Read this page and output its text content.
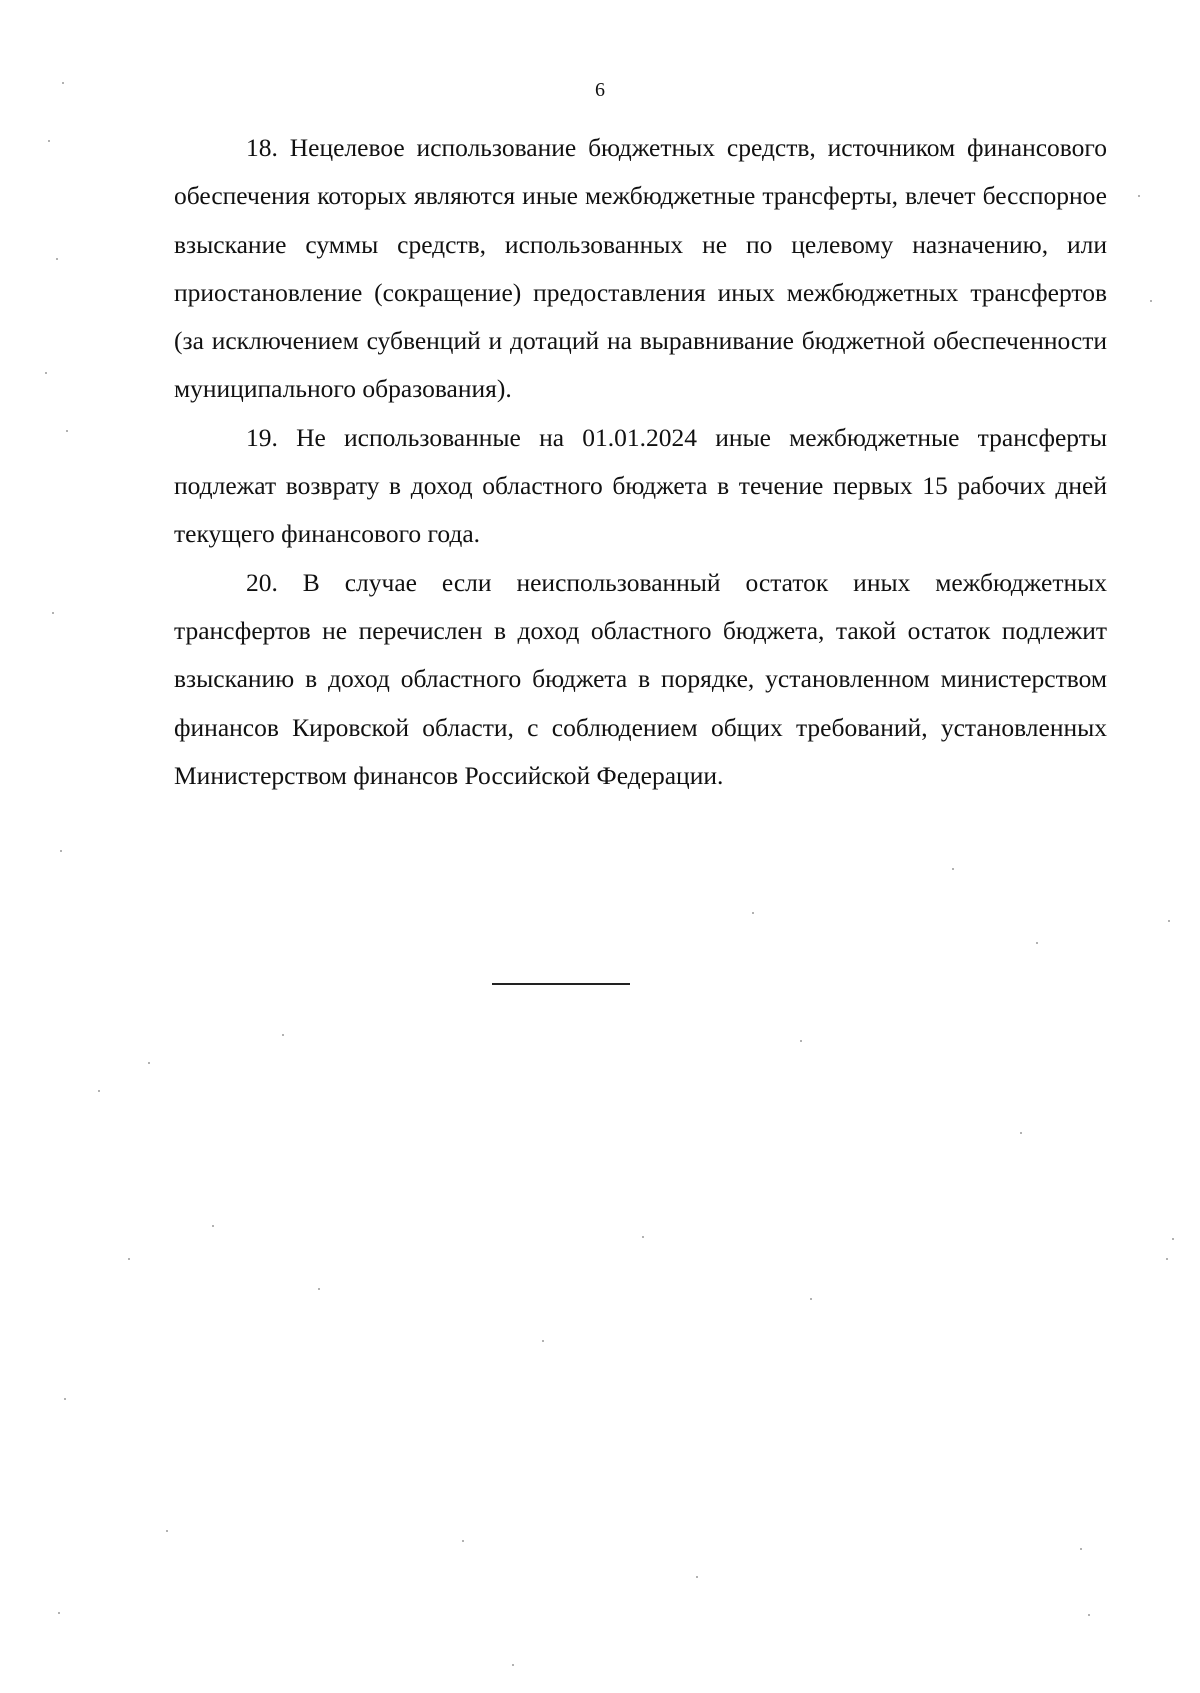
6

18. Нецелевое использование бюджетных средств, источником финансового обеспечения которых являются иные межбюджетные трансферты, влечет бесспорное взыскание суммы средств, использованных не по целевому назначению, или приостановление (сокращение) предоставления иных межбюджетных трансфертов (за исключением субвенций и дотаций на выравнивание бюджетной обеспеченности муниципального образования).

19. Не использованные на 01.01.2024 иные межбюджетные трансферты подлежат возврату в доход областного бюджета в течение первых 15 рабочих дней текущего финансового года.

20. В случае если неиспользованный остаток иных межбюджетных трансфертов не перечислен в доход областного бюджета, такой остаток подлежит взысканию в доход областного бюджета в порядке, установленном министерством финансов Кировской области, с соблюдением общих требований, установленных Министерством финансов Российской Федерации.
